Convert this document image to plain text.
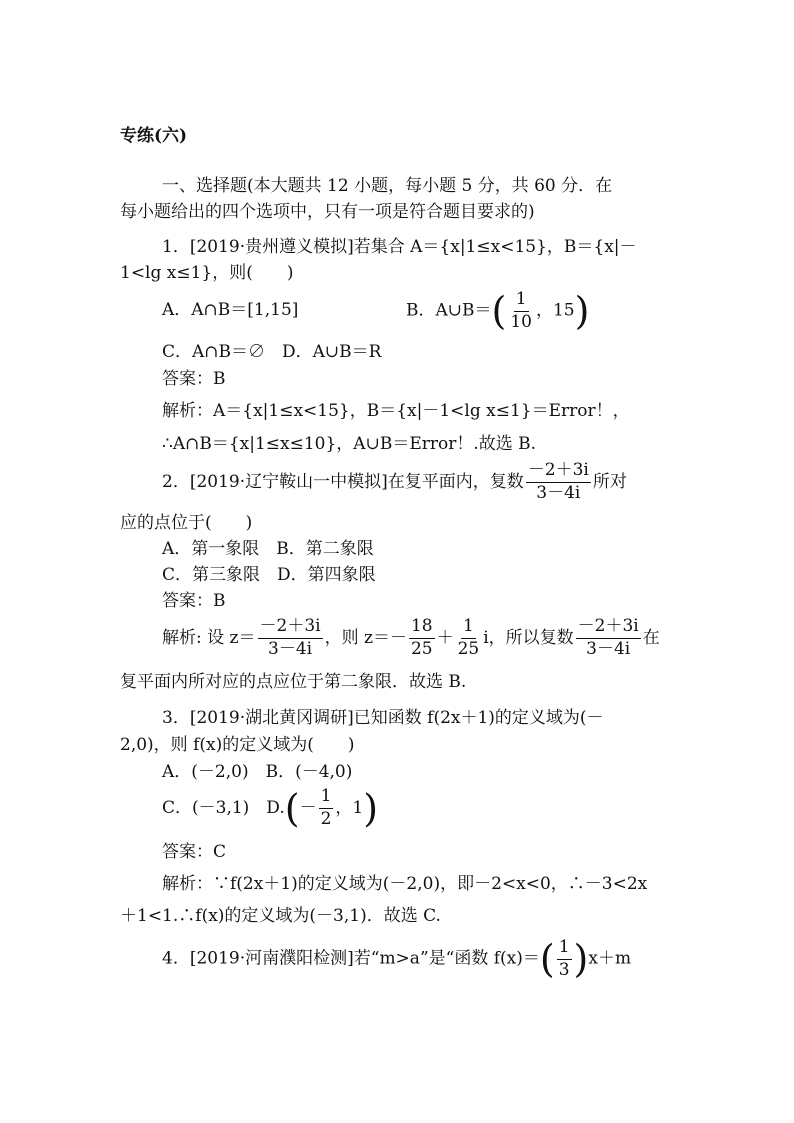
专练(六)
一、选择题(本大题共 12 小题，每小题 5 分，共 60 分．在
每小题给出的四个选项中，只有一项是符合题目要求的)
1．[2019·贵州遵义模拟]若集合 A＝{x|1≤x<15}，B＝{x|－
1<lg x≤1}，则(　　)
A．A∩B＝[1,15]	B．A∪B＝( $\frac{1}{10}$ ，15)
C．A∩B＝∅　D．A∪B＝R
答案：B
解析：A＝{x|1≤x<15}，B＝{x|－1<lg x≤1}＝Error！，
∴A∩B＝{x|1≤x≤10}，A∪B＝Error！.故选 B.
2．[2019·辽宁鞍山一中模拟]在复平面内，复数 $\frac{-2+3i}{3-4i}$ 所对
应的点位于(　　)
A．第一象限　B．第二象限
C．第三象限　D．第四象限
答案：B
解析: 设 $z= \frac{-2+3i}{3-4i}$ ，则 $z=- \frac{18}{25} + \frac{1}{25}$ i，所以复数 $\frac{-2+3i}{3-4i}$ 在
复平面内所对应的点应位于第二象限．故选 B.
3．[2019·湖北黄冈调研]已知函数 f(2x＋1)的定义域为(－
2,0)，则 f(x)的定义域为(　　)
A．(－2,0)　B．(－4,0)
C．(－3,1)　$D.(- \frac{1}{2}$ ，1)
答案：C
解析：∵f(2x＋1)的定义域为(－2,0)，即－2<x<0，∴－3<2x
＋1<1.∴f(x)的定义域为(－3,1)．故选 C.
4．[2019·河南濮阳检测]若“m>a”是“函数 $f(x)=( \frac{1}{3} )x+m$
